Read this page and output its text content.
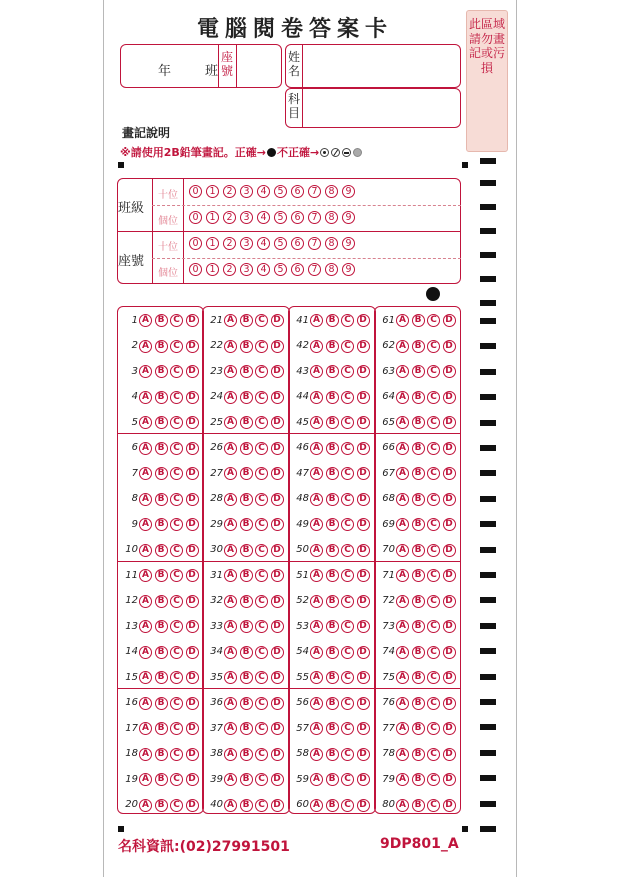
電腦閱卷答案卡	此區域請勿畫記或污損
年	班
座
號
姓
名
科
目
畫記說明
※請使用2B鉛筆畫記。正確→ 不正確→
班級
座號
十位
個位
十位
個位
0	1	2	3	4	5	6	7	8	9
0	1	2	3	4	5	6	7	8	9
0	1	2	3	4	5	6	7	8	9
0	1	2	3	4	5	6	7	8	9
1 A B C D
2 A B C D
3 A B C D
4 A B C D
5 A B C D
6 A B C D
7 A B C D
8 A B C D
9 A B C D
10 A B C D
11 A B C D
12 A B C D
13 A B C D
14 A B C D
15 A B C D
16 A B C D
17 A B C D
18 A B C D
19 A B C D
20 A B C D
21 A B C D
22 A B C D
23 A B C D
24 A B C D
25 A B C D
26 A B C D
27 A B C D
28 A B C D
29 A B C D
30 A B C D
31 A B C D
32 A B C D
33 A B C D
34 A B C D
35 A B C D
36 A B C D
37 A B C D
38 A B C D
39 A B C D
40 A B C D
41 A B C D
42 A B C D
43 A B C D
44 A B C D
45 A B C D
46 A B C D
47 A B C D
48 A B C D
49 A B C D
50 A B C D
51 A B C D
52 A B C D
53 A B C D
54 A B C D
55 A B C D
56 A B C D
57 A B C D
58 A B C D
59 A B C D
60 A B C D
61 A B C D
62 A B C D
63 A B C D
64 A B C D
65 A B C D
66 A B C D
67 A B C D
68 A B C D
69 A B C D
70 A B C D
71 A B C D
72 A B C D
73 A B C D
74 A B C D
75 A B C D
76 A B C D
77 A B C D
78 A B C D
79 A B C D
80 A B C D
名科資訊:(02)27991501	9DP801_A
